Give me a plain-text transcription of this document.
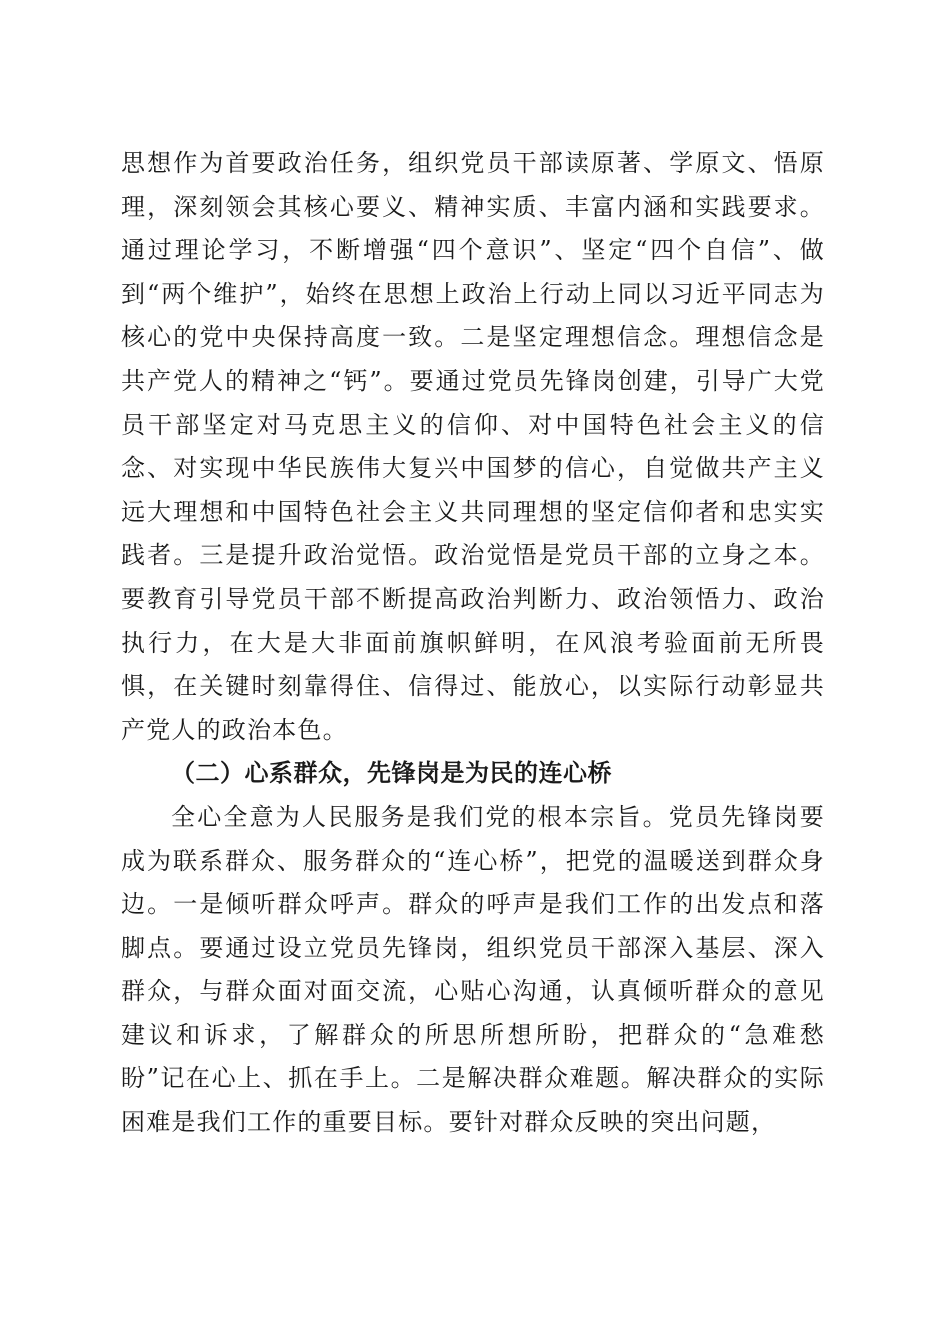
思想作为首要政治任务，组织党员干部读原著、学原文、悟原理，深刻领会其核心要义、精神实质、丰富内涵和实践要求。通过理论学习，不断增强“四个意识”、坚定“四个自信”、做到“两个维护”，始终在思想上政治上行动上同以习近平同志为核心的党中央保持高度一致。二是坚定理想信念。理想信念是共产党人的精神之“钙”。要通过党员先锋岗创建，引导广大党员干部坚定对马克思主义的信仰、对中国特色社会主义的信念、对实现中华民族伟大复兴中国梦的信心，自觉做共产主义远大理想和中国特色社会主义共同理想的坚定信仰者和忠实实践者。三是提升政治觉悟。政治觉悟是党员干部的立身之本。要教育引导党员干部不断提高政治判断力、政治领悟力、政治执行力，在大是大非面前旗帜鲜明，在风浪考验面前无所畏惧，在关键时刻靠得住、信得过、能放心，以实际行动彰显共产党人的政治本色。

（二）心系群众，先锋岗是为民的连心桥

全心全意为人民服务是我们党的根本宗旨。党员先锋岗要成为联系群众、服务群众的“连心桥”，把党的温暖送到群众身边。一是倾听群众呼声。群众的呼声是我们工作的出发点和落脚点。要通过设立党员先锋岗，组织党员干部深入基层、深入群众，与群众面对面交流，心贴心沟通，认真倾听群众的意见建议和诉求，了解群众的所思所想所盼，把群众的“急难愁盼”记在心上、抓在手上。二是解决群众难题。解决群众的实际困难是我们工作的重要目标。要针对群众反映的突出问题，
